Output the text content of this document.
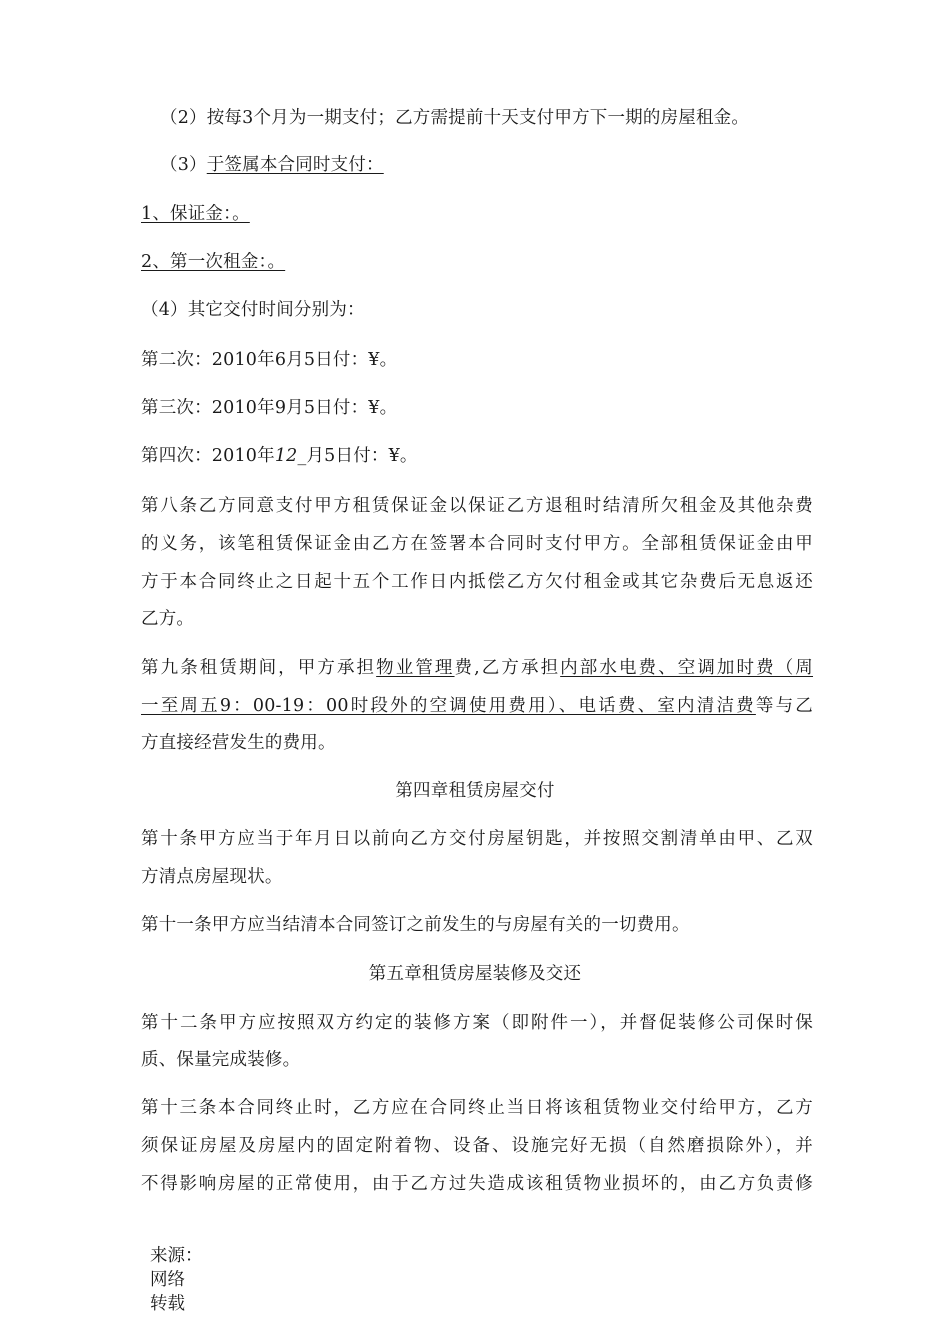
（2）按每3个月为一期支付；乙方需提前十天支付甲方下一期的房屋租金。
（3）于签属本合同时支付：
1、保证金：。
2、第一次租金：。
（4）其它交付时间分别为：
第二次：2010年6月5日付：¥。
第三次：2010年9月5日付：¥。
第四次：2010年12_月5日付：¥。
第八条乙方同意支付甲方租赁保证金以保证乙方退租时结清所欠租金及其他杂费
的义务，该笔租赁保证金由乙方在签署本合同时支付甲方。全部租赁保证金由甲
方于本合同终止之日起十五个工作日内抵偿乙方欠付租金或其它杂费后无息返还
乙方。
第九条租赁期间，甲方承担物业管理费,乙方承担内部水电费、空调加时费（周
一至周五9：00-19：00时段外的空调使用费用）、电话费、室内清洁费等与乙
方直接经营发生的费用。
第四章租赁房屋交付
第十条甲方应当于年月日以前向乙方交付房屋钥匙，并按照交割清单由甲、乙双
方清点房屋现状。
第十一条甲方应当结清本合同签订之前发生的与房屋有关的一切费用。
第五章租赁房屋装修及交还
第十二条甲方应按照双方约定的装修方案（即附件一），并督促装修公司保时保
质、保量完成装修。
第十三条本合同终止时，乙方应在合同终止当日将该租赁物业交付给甲方，乙方
须保证房屋及房屋内的固定附着物、设备、设施完好无损（自然磨损除外），并
不得影响房屋的正常使用，由于乙方过失造成该租赁物业损坏的，由乙方负责修
来源：
网络
转载
